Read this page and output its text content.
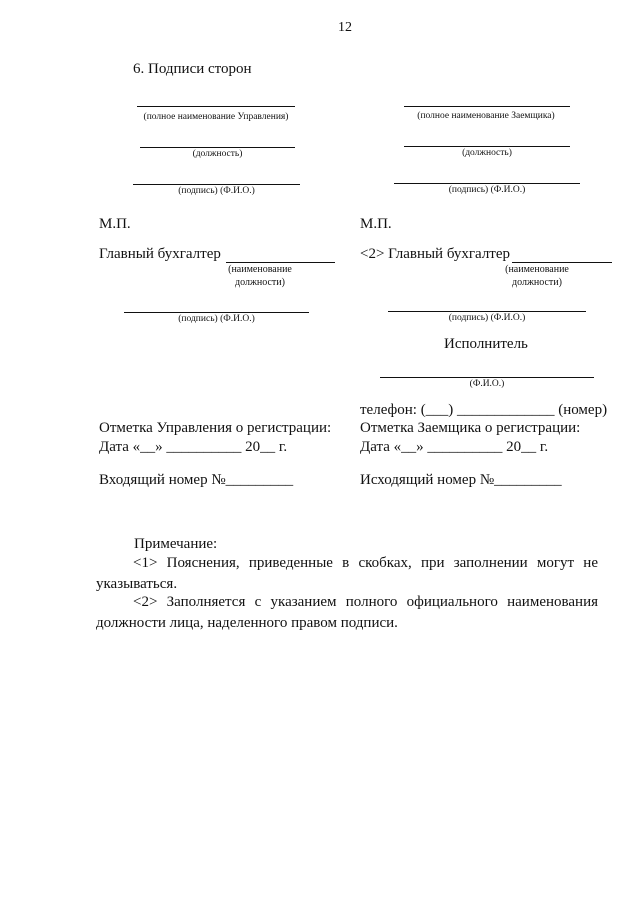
12
6. Подписи сторон
(полное наименование Управления)
(должность)
(подпись) (Ф.И.О.)
(полное наименование Заемщика)
(должность)
(подпись) (Ф.И.О.)
М.П.	М.П.
Главный бухгалтер
(наименование
должности)
<2> Главный бухгалтер
(наименование
должности)
(подпись) (Ф.И.О.)	(подпись) (Ф.И.О.)
Исполнитель
(Ф.И.О.)
телефон: (___) _____________ (номер)
Отметка Управления о регистрации:
Дата «__» __________ 20__ г.
Отметка Заемщика о регистрации:
Дата «__» __________ 20__ г.
Входящий номер №_________	Исходящий номер №_________
Примечание:
<1> Пояснения, приведенные в скобках, при заполнении могут не указываться.
<2> Заполняется с указанием полного официального наименования должности лица, наделенного правом подписи.
